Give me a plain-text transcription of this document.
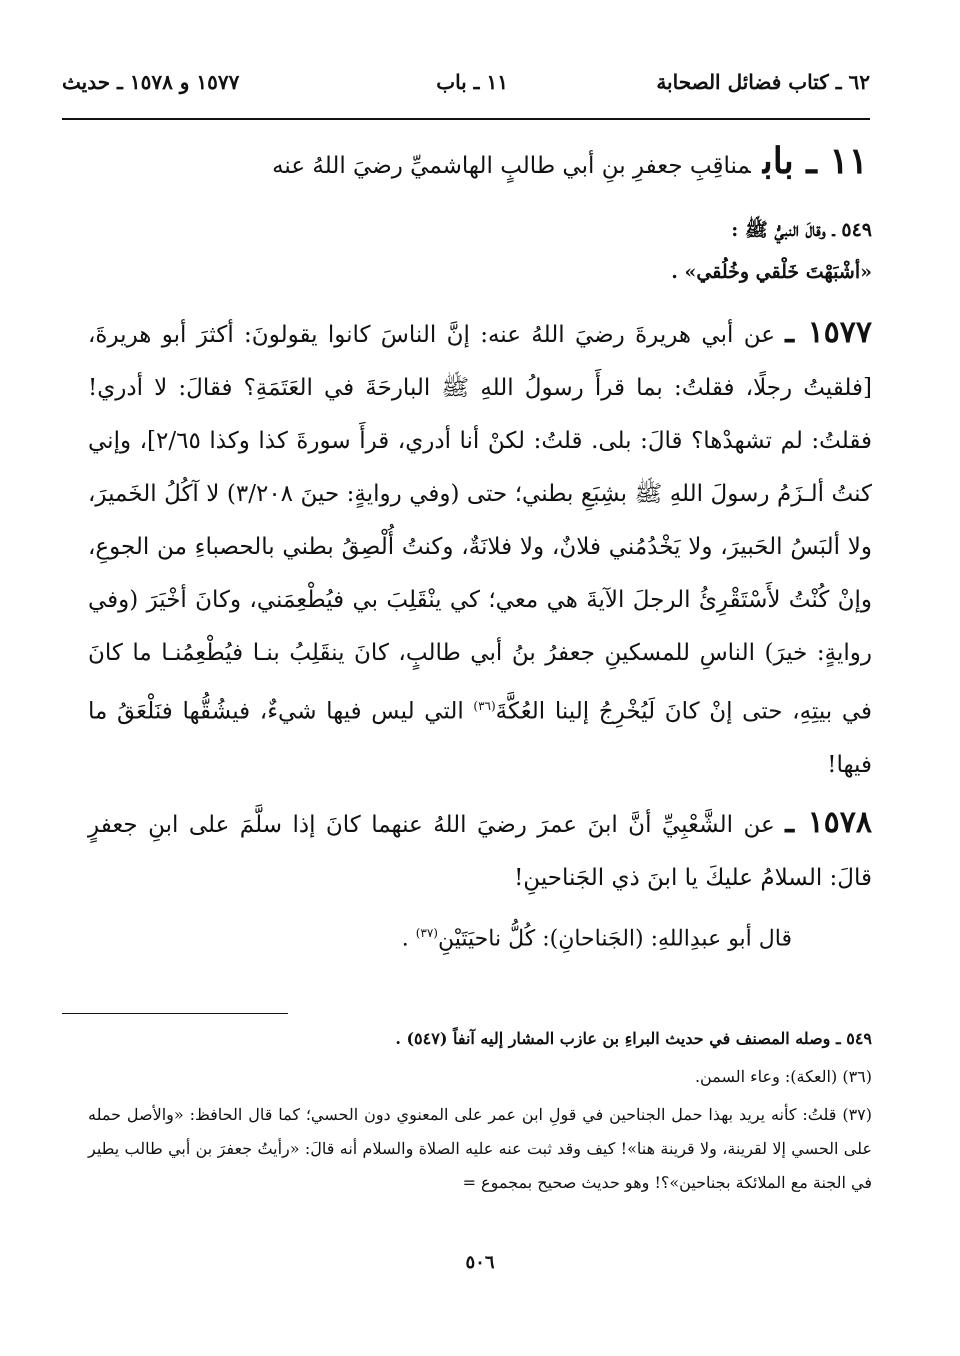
٦٢ ـ كتاب فضائل الصحابة
١١ ـ باب
١٥٧٧ و ١٥٧٨ ـ حديث
١١ ـ بابمناقِبِ جعفرِ بنِ أبي طالبٍ الهاشميِّ رضيَ اللهُ عنه

٥٤٩ ـ وقالَ النبيُّ ﷺ :

«أشْبَهْتَ خَلْقي وخُلُقي» .

١٥٧٧ ـ عن أبي هريرةَ رضيَ اللهُ عنه: إنَّ الناسَ كانوا يقولونَ: أكثرَ أبو هريرةَ، [فلقيتُ رجلًا، فقلتُ: بما قرأَ رسولُ اللهِ ﷺ البارحَةَ في العَتَمَةِ؟ فقالَ: لا أدري! فقلتُ: لم تشهدْها؟ قالَ: بلى. قلتُ: لكنْ أنا أدري، قرأَ سورةَ كذا وكذا ٢/٦٥]، وإني كنتُ ألـزَمُ رسولَ اللهِ ﷺ بشِبَعِ بطني؛ حتى (وفي روايةٍ: حينَ ٣/٢٠٨) لا آكُلُ الخَميرَ، ولا ألبَسُ الحَبيرَ، ولا يَخْدُمُني فلانٌ، ولا فلانَةٌ، وكنتُ أُلْصِقُ بطني بالحصباءِ من الجوعِ، وإنْ كُنْتُ لأَسْتَقْرِئُ الرجلَ الآيةَ هي معي؛ كي ينْقَلِبَ بي فيُطْعِمَني، وكانَ أخْيَرَ (وفي روايةٍ: خيرَ) الناسِ للمسكينِ جعفرُ بنُ أبي طالبٍ، كانَ ينقَلِبُ بنـا فيُطْعِمُنـا ما كانَ في بيتِهِ، حتى إنْ كانَ لَيُخْرِجُ إلينا العُكَّةَ$^{(٣٦)}$ التي ليس فيها شيءٌ، فيشُقُّها فنَلْعَقُ ما فيها!

١٥٧٨ ـ عن الشَّعْبِيِّ أنَّ ابنَ عمرَ رضيَ اللهُ عنهما كانَ إذا سلَّمَ على ابنِ جعفرٍ قالَ: السلامُ عليكَ يا ابنَ ذي الجَناحينِ!

قال أبو عبدِاللهِ: (الجَناحانِ): كُلُّ ناحيَتَيْنِ$^{(٣٧)}$ .

٥٤٩ ـ وصله المصنف في حديث البراءِ بن عازب المشار إليه آنفاً (٥٤٧) .

(٣٦) (العكة): وعاء السمن.

(٣٧) قلتُ: كأنه يريد بهذا حمل الجناحين في قولِ ابن عمر على المعنوي دون الحسي؛ كما قال الحافظ: «والأصل حمله على الحسي إلا لقرينة، ولا قرينة هنا»! كيف وقد ثبت عنه عليه الصلاة والسلام أنه قالَ: «رأيتُ جعفرَ بن أبي طالب يطير في الجنة مع الملائكة بجناحين»؟! وهو حديث صحيح بمجموع =

٥٠٦
